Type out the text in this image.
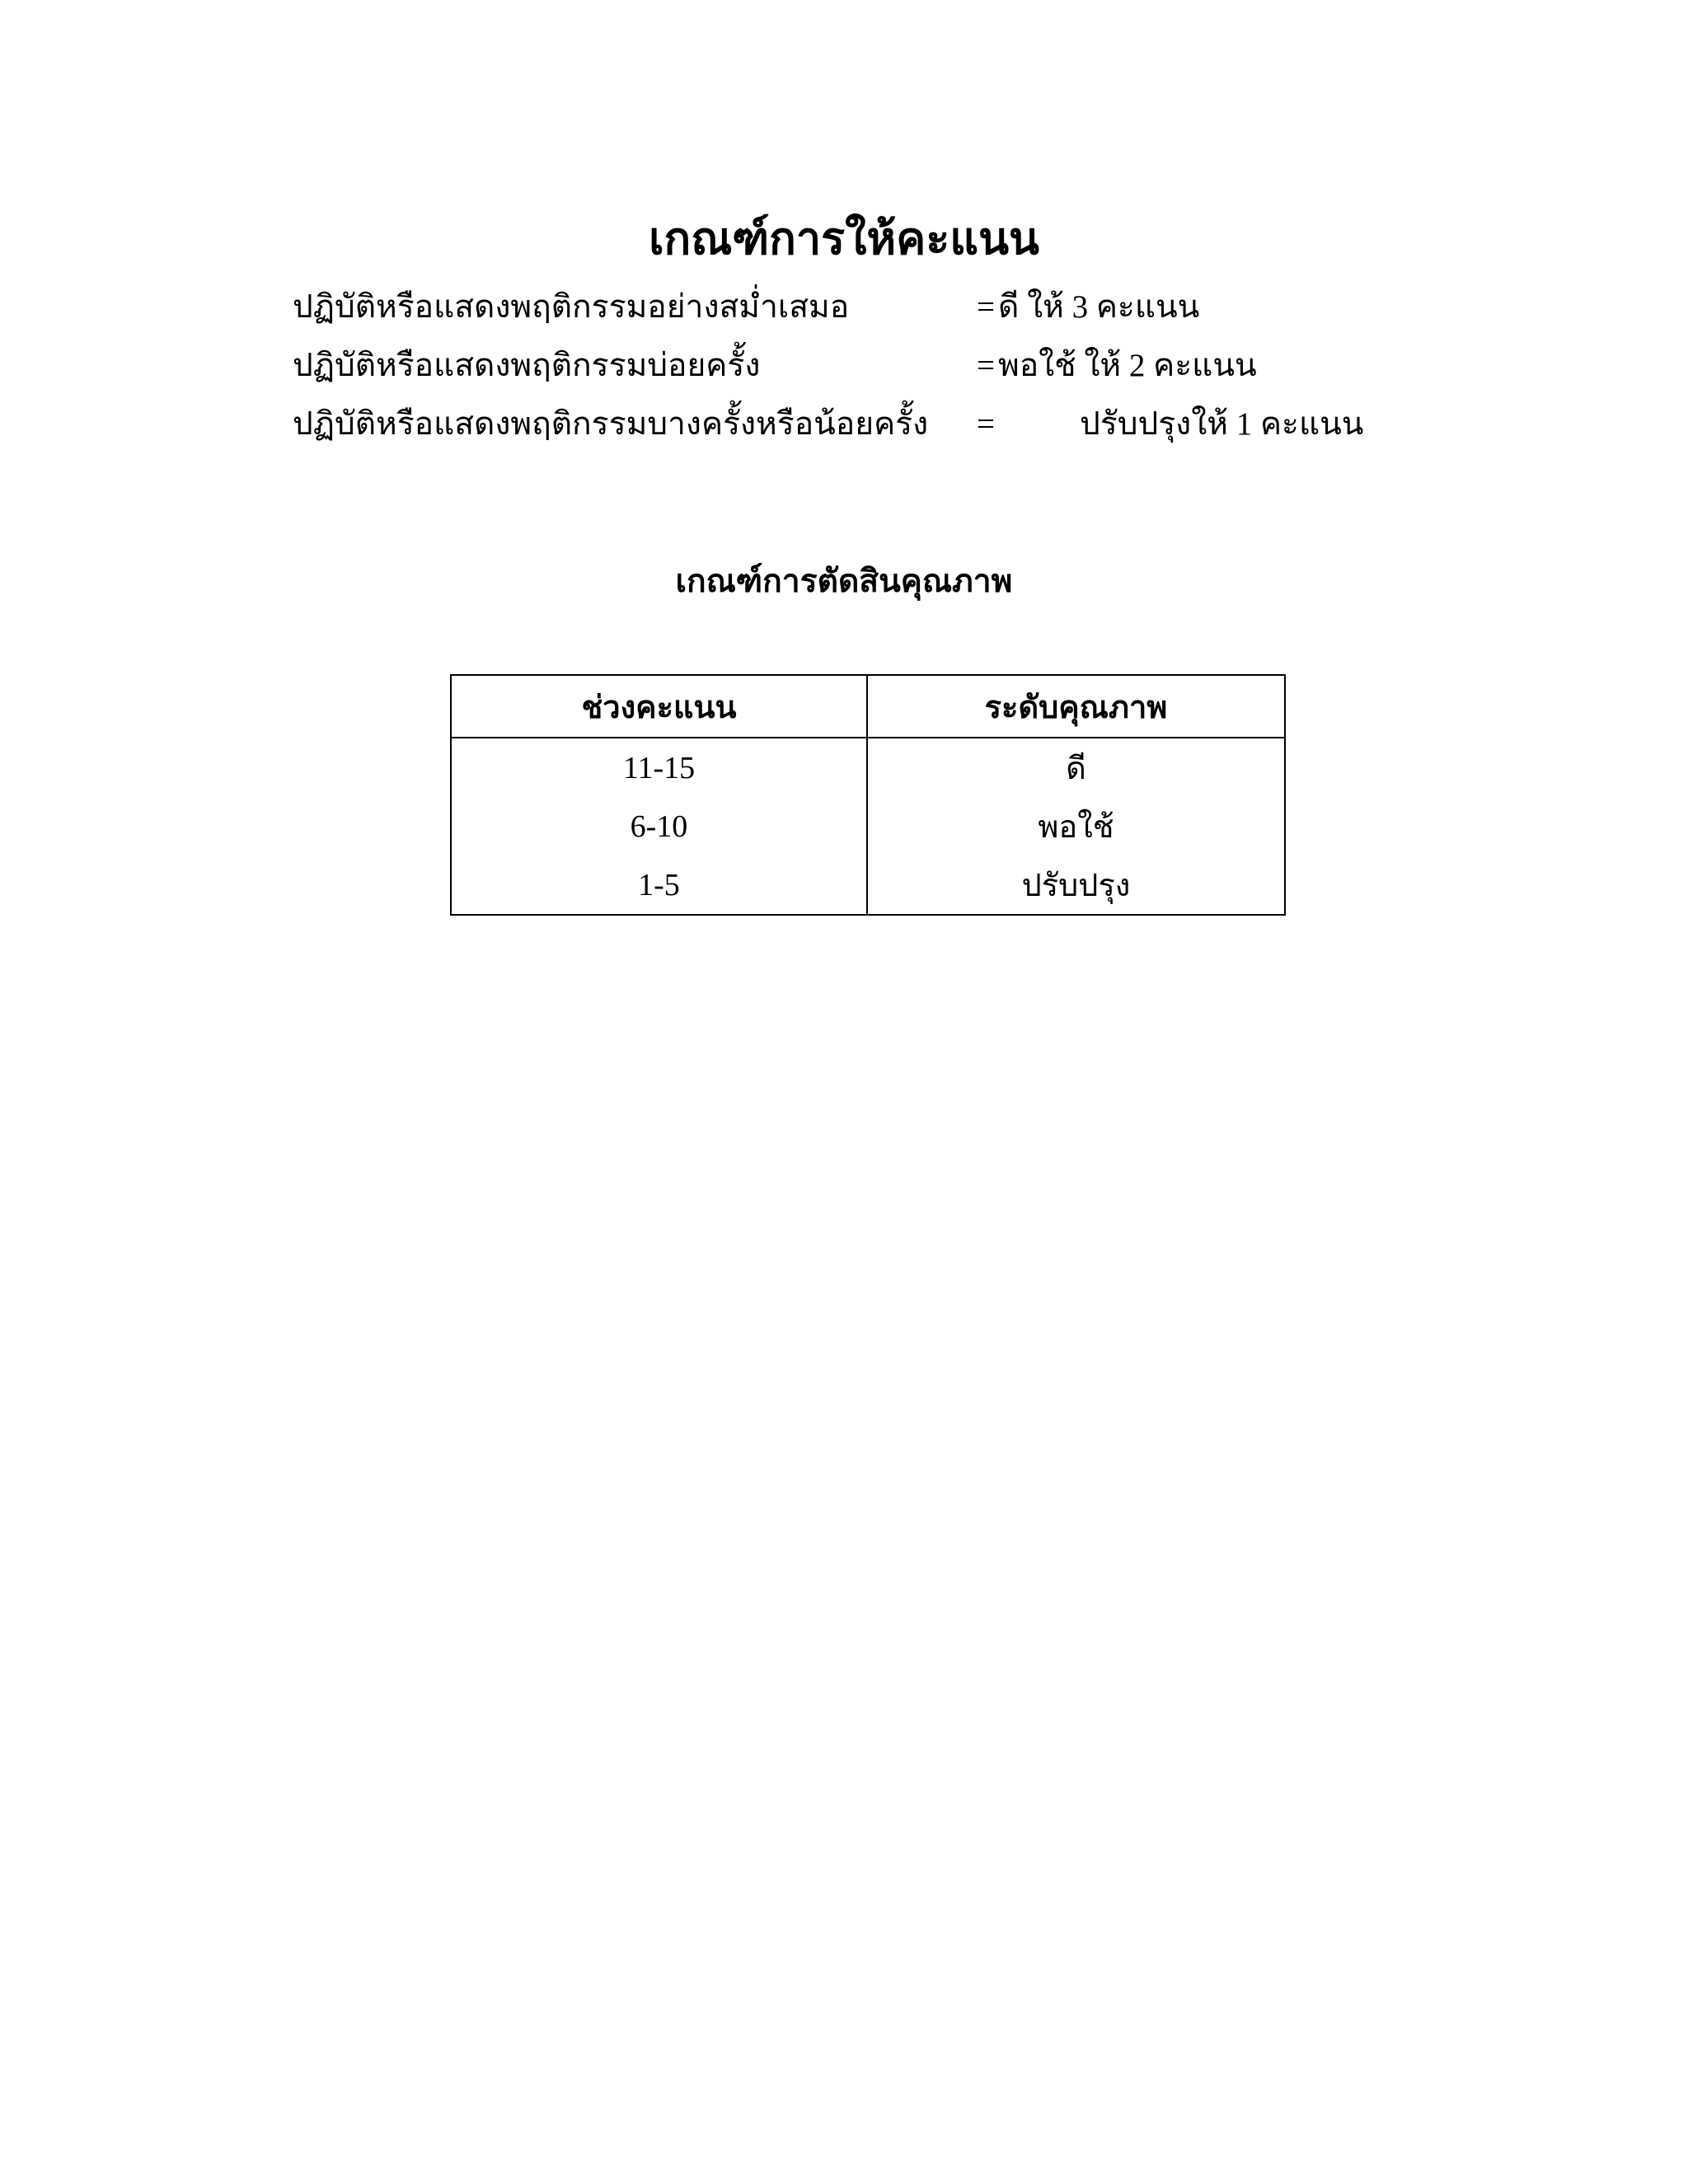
เกณฑ์การให้คะแนน
ปฏิบัติหรือแสดงพฤติกรรมอย่างสม่ำเสมอ	= ดี ให้ 3 คะแนน
ปฏิบัติหรือแสดงพฤติกรรมบ่อยครั้ง	= พอใช้ ให้ 2 คะแนน
ปฏิบัติหรือแสดงพฤติกรรมบางครั้งหรือน้อยครั้ง =	ปรับปรุงให้ 1 คะแนน
เกณฑ์การตัดสินคุณภาพ
ช่วงคะแนน	ระดับคุณภาพ
11-15	ดี
6-10	พอใช้
1-5	ปรับปรุง
